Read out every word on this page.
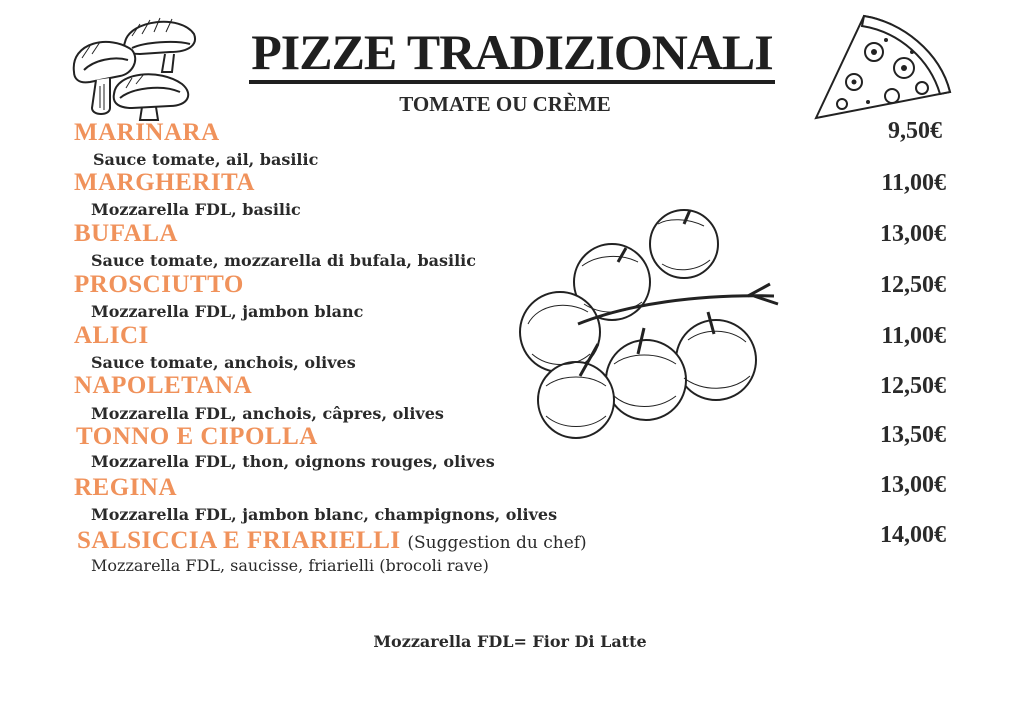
PIZZE TRADIZIONALI
TOMATE OU CRÈME
MARINARA
Sauce tomate, ail, basilic
9,50€
MARGHERITA
Mozzarella FDL, basilic
11,00€
BUFALA
Sauce tomate, mozzarella di bufala, basilic
13,00€
PROSCIUTTO
Mozzarella FDL, jambon blanc
12,50€
ALICI
Sauce tomate, anchois, olives
11,00€
NAPOLETANA
Mozzarella FDL, anchois, câpres, olives
12,50€
TONNO E CIPOLLA
Mozzarella FDL, thon, oignons rouges, olives
13,50€
REGINA
Mozzarella FDL, jambon blanc, champignons, olives
13,00€
SALSICCIA E FRIARIELLI (Suggestion du chef)
Mozzarella FDL, saucisse, friarielli (brocoli rave)
14,00€
Mozzarella FDL= Fior Di Latte
